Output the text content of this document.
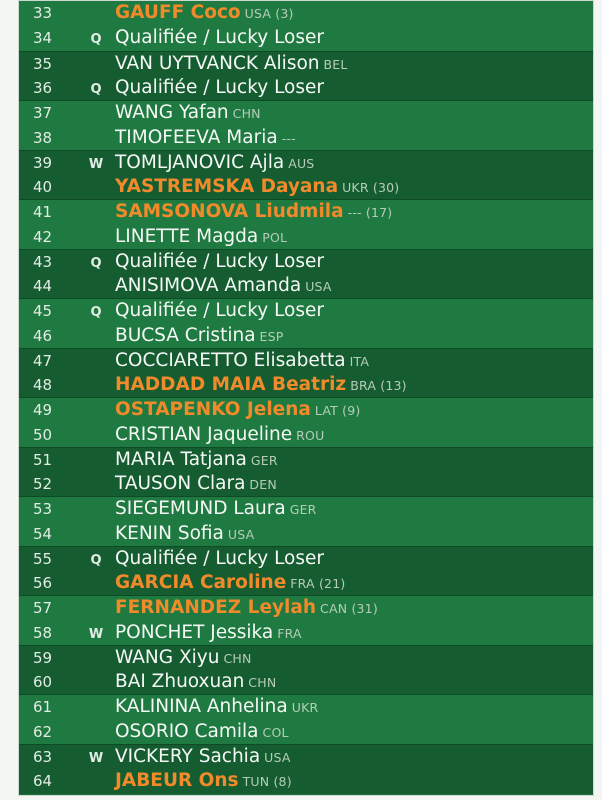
33	GAUFF Coco USA (3)
34	Q Qualifiée / Lucky Loser
35	VAN UYTVANCK Alison BEL
36	Q Qualifiée / Lucky Loser
37	WANG Yafan CHN
38	TIMOFEEVA Maria ---
39	W TOMLJANOVIC Ajla AUS
40	YASTREMSKA Dayana UKR (30)
41	SAMSONOVA Liudmila --- (17)
42	LINETTE Magda POL
43	Q Qualifiée / Lucky Loser
44	ANISIMOVA Amanda USA
45	Q Qualifiée / Lucky Loser
46	BUCSA Cristina ESP
47	COCCIARETTO Elisabetta ITA
48	HADDAD MAIA Beatriz BRA (13)
49	OSTAPENKO Jelena LAT (9)
50	CRISTIAN Jaqueline ROU
51	MARIA Tatjana GER
52	TAUSON Clara DEN
53	SIEGEMUND Laura GER
54	KENIN Sofia USA
55	Q Qualifiée / Lucky Loser
56	GARCIA Caroline FRA (21)
57	FERNANDEZ Leylah CAN (31)
58	W PONCHET Jessika FRA
59	WANG Xiyu CHN
60	BAI Zhuoxuan CHN
61	KALININA Anhelina UKR
62	OSORIO Camila COL
63	W VICKERY Sachia USA
64	JABEUR Ons TUN (8)
